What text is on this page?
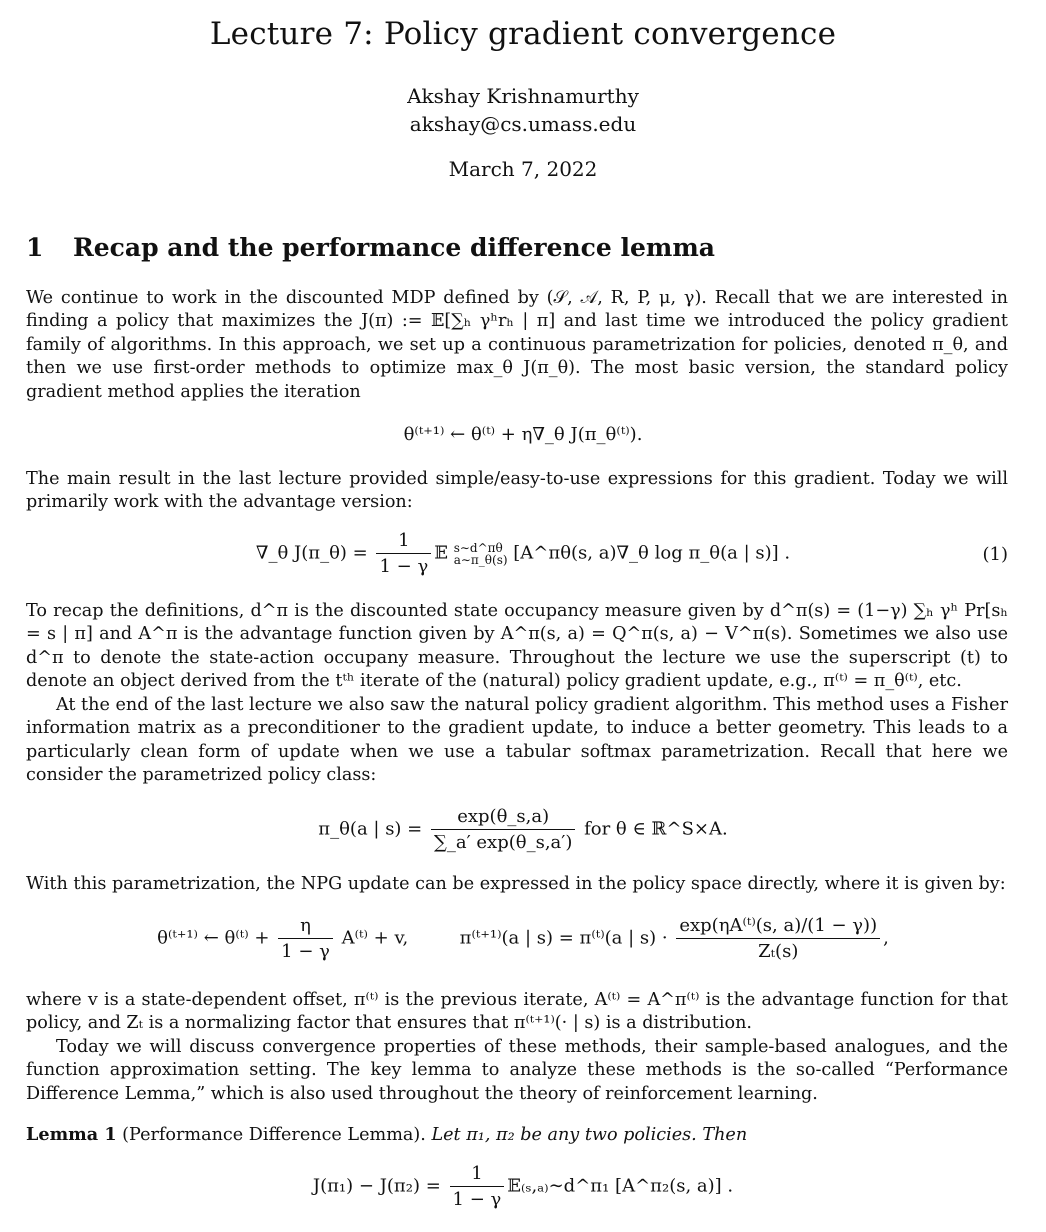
Lecture 7: Policy gradient convergence
Akshay Krishnamurthy
akshay@cs.umass.edu
March 7, 2022
1 Recap and the performance difference lemma

We continue to work in the discounted MDP defined by (𝒮, 𝒜, R, P, μ, γ). Recall that we are interested in finding a policy that maximizes the J(π) := 𝔼[∑ₕ γʰrₕ | π] and last time we introduced the policy gradient family of algorithms. In this approach, we set up a continuous parametrization for policies, denoted π_θ, and then we use first-order methods to optimize max_θ J(π_θ). The most basic version, the standard policy gradient method applies the iteration

θ⁽ᵗ⁺¹⁾ ← θ⁽ᵗ⁾ + η∇_θ J(π_θ⁽ᵗ⁾).

The main result in the last lecture provided simple/easy-to-use expressions for this gradient. Today we will primarily work with the advantage version:

∇_θ J(π_θ) = $\frac{1}{1 - \gamma}$ 𝔼 s∼d^πθ
a∼π_θ(s) [A^πθ(s, a)∇_θ log π_θ(a | s)] .	(1)

To recap the definitions, d^π is the discounted state occupancy measure given by d^π(s) = (1−γ) ∑ₕ γʰ Pr[sₕ = s | π] and A^π is the advantage function given by A^π(s, a) = Q^π(s, a) − V^π(s). Sometimes we also use d^π to denote the state-action occupany measure. Throughout the lecture we use the superscript (t) to denote an object derived from the tᵗʰ iterate of the (natural) policy gradient update, e.g., π⁽ᵗ⁾ = π_θ⁽ᵗ⁾, etc.

At the end of the last lecture we also saw the natural policy gradient algorithm. This method uses a Fisher information matrix as a preconditioner to the gradient update, to induce a better geometry. This leads to a particularly clean form of update when we use a tabular softmax parametrization. Recall that here we consider the parametrized policy class:

π_θ(a | $s) = \frac{\exp(\theta\_s,a)}{\sum\_a' \exp(\theta\_s,a')}$ for θ ∈ ℝ^S×A.

With this parametrization, the NPG update can be expressed in the policy space directly, where it is given by:

θ⁽ᵗ⁺¹⁾ ← θ⁽ᵗ⁾ + $\frac{\eta}{1 - \gamma}$ A⁽ᵗ⁾ + v,	π⁽ᵗ⁺¹⁾(a | s) = π⁽ᵗ⁾(a | $s) \cdot \frac{\text{exp(ηA⁽ᵗ⁾(s, a)/(1 − γ))}}{\text{Zₜ(s)}}$ ,

where v is a state-dependent offset, π⁽ᵗ⁾ is the previous iterate, A⁽ᵗ⁾ = A^π⁽ᵗ⁾ is the advantage function for that policy, and Zₜ is a normalizing factor that ensures that π⁽ᵗ⁺¹⁾(· | s) is a distribution.

Today we will discuss convergence properties of these methods, their sample-based analogues, and the function approximation setting. The key lemma to analyze these methods is the so-called “Performance Difference Lemma,” which is also used throughout the theory of reinforcement learning.

Lemma 1 (Performance Difference Lemma). Let π₁, π₂ be any two policies. Then

$J(\pi_1) - J(\pi_2) = \frac{1}{1 - \gamma}$ 𝔼₍ₛ,ₐ₎∼d^π₁ [A^π₂(s, a)] .
